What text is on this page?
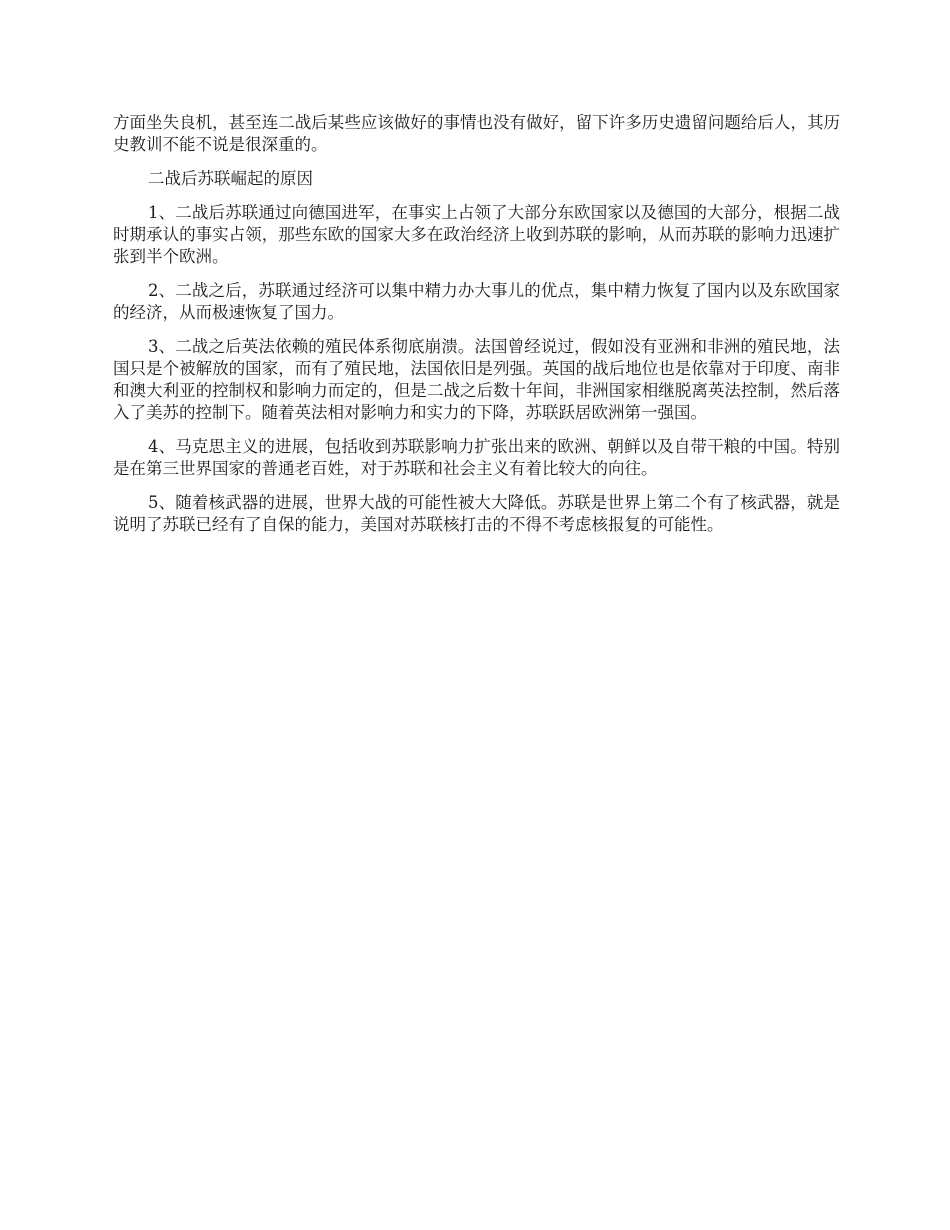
方面坐失良机，甚至连二战后某些应该做好的事情也没有做好，留下许多历史遗留问题给后人，其历史教训不能不说是很深重的。

二战后苏联崛起的原因

1、二战后苏联通过向德国进军，在事实上占领了大部分东欧国家以及德国的大部分，根据二战时期承认的事实占领，那些东欧的国家大多在政治经济上收到苏联的影响，从而苏联的影响力迅速扩张到半个欧洲。

2、二战之后，苏联通过经济可以集中精力办大事儿的优点，集中精力恢复了国内以及东欧国家的经济，从而极速恢复了国力。

3、二战之后英法依赖的殖民体系彻底崩溃。法国曾经说过，假如没有亚洲和非洲的殖民地，法国只是个被解放的国家，而有了殖民地，法国依旧是列强。英国的战后地位也是依靠对于印度、南非和澳大利亚的控制权和影响力而定的，但是二战之后数十年间，非洲国家相继脱离英法控制，然后落入了美苏的控制下。随着英法相对影响力和实力的下降，苏联跃居欧洲第一强国。

4、马克思主义的进展，包括收到苏联影响力扩张出来的欧洲、朝鲜以及自带干粮的中国。特别是在第三世界国家的普通老百姓，对于苏联和社会主义有着比较大的向往。

5、随着核武器的进展，世界大战的可能性被大大降低。苏联是世界上第二个有了核武器，就是说明了苏联已经有了自保的能力，美国对苏联核打击的不得不考虑核报复的可能性。
